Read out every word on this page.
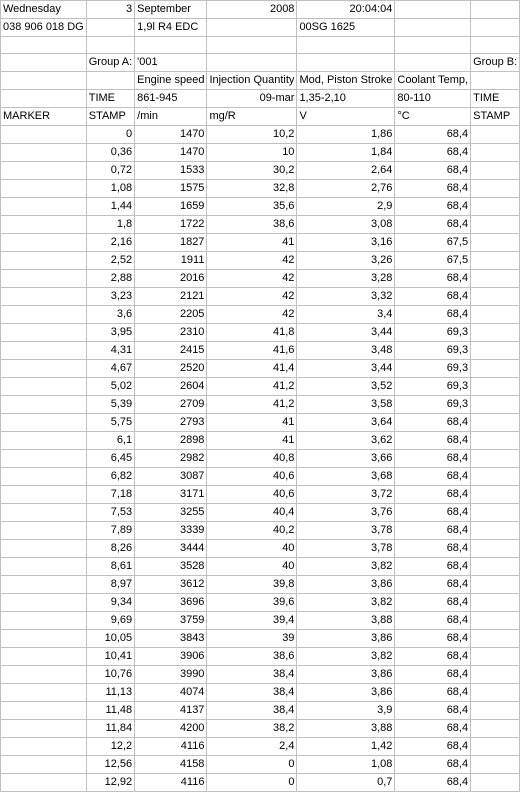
Wednesday	3	September	2008	20:04:04		
038 906 018 DG		1,9l R4 EDC		00SG 1625		

	Group A:	'001				Group B:
		Engine speed	Injection Quantity	Mod, Piston Stroke	Coolant Temp,	
	TIME	861-945	09-mar	1,35-2,10	80-110	TIME
MARKER	STAMP	/min	mg/R	V	°C	STAMP
	0	1470	10,2	1,86	68,4	
	0,36	1470	10	1,84	68,4	
	0,72	1533	30,2	2,64	68,4	
	1,08	1575	32,8	2,76	68,4	
	1,44	1659	35,6	2,9	68,4	
	1,8	1722	38,6	3,08	68,4	
	2,16	1827	41	3,16	67,5	
	2,52	1911	42	3,26	67,5	
	2,88	2016	42	3,28	68,4	
	3,23	2121	42	3,32	68,4	
	3,6	2205	42	3,4	68,4	
	3,95	2310	41,8	3,44	69,3	
	4,31	2415	41,6	3,48	69,3	
	4,67	2520	41,4	3,44	69,3	
	5,02	2604	41,2	3,52	69,3	
	5,39	2709	41,2	3,58	69,3	
	5,75	2793	41	3,64	68,4	
	6,1	2898	41	3,62	68,4	
	6,45	2982	40,8	3,66	68,4	
	6,82	3087	40,6	3,68	68,4	
	7,18	3171	40,6	3,72	68,4	
	7,53	3255	40,4	3,76	68,4	
	7,89	3339	40,2	3,78	68,4	
	8,26	3444	40	3,78	68,4	
	8,61	3528	40	3,82	68,4	
	8,97	3612	39,8	3,86	68,4	
	9,34	3696	39,6	3,82	68,4	
	9,69	3759	39,4	3,88	68,4	
	10,05	3843	39	3,86	68,4	
	10,41	3906	38,6	3,82	68,4	
	10,76	3990	38,4	3,86	68,4	
	11,13	4074	38,4	3,86	68,4	
	11,48	4137	38,4	3,9	68,4	
	11,84	4200	38,2	3,88	68,4	
	12,2	4116	2,4	1,42	68,4	
	12,56	4158	0	1,08	68,4	
	12,92	4116	0	0,7	68,4	
